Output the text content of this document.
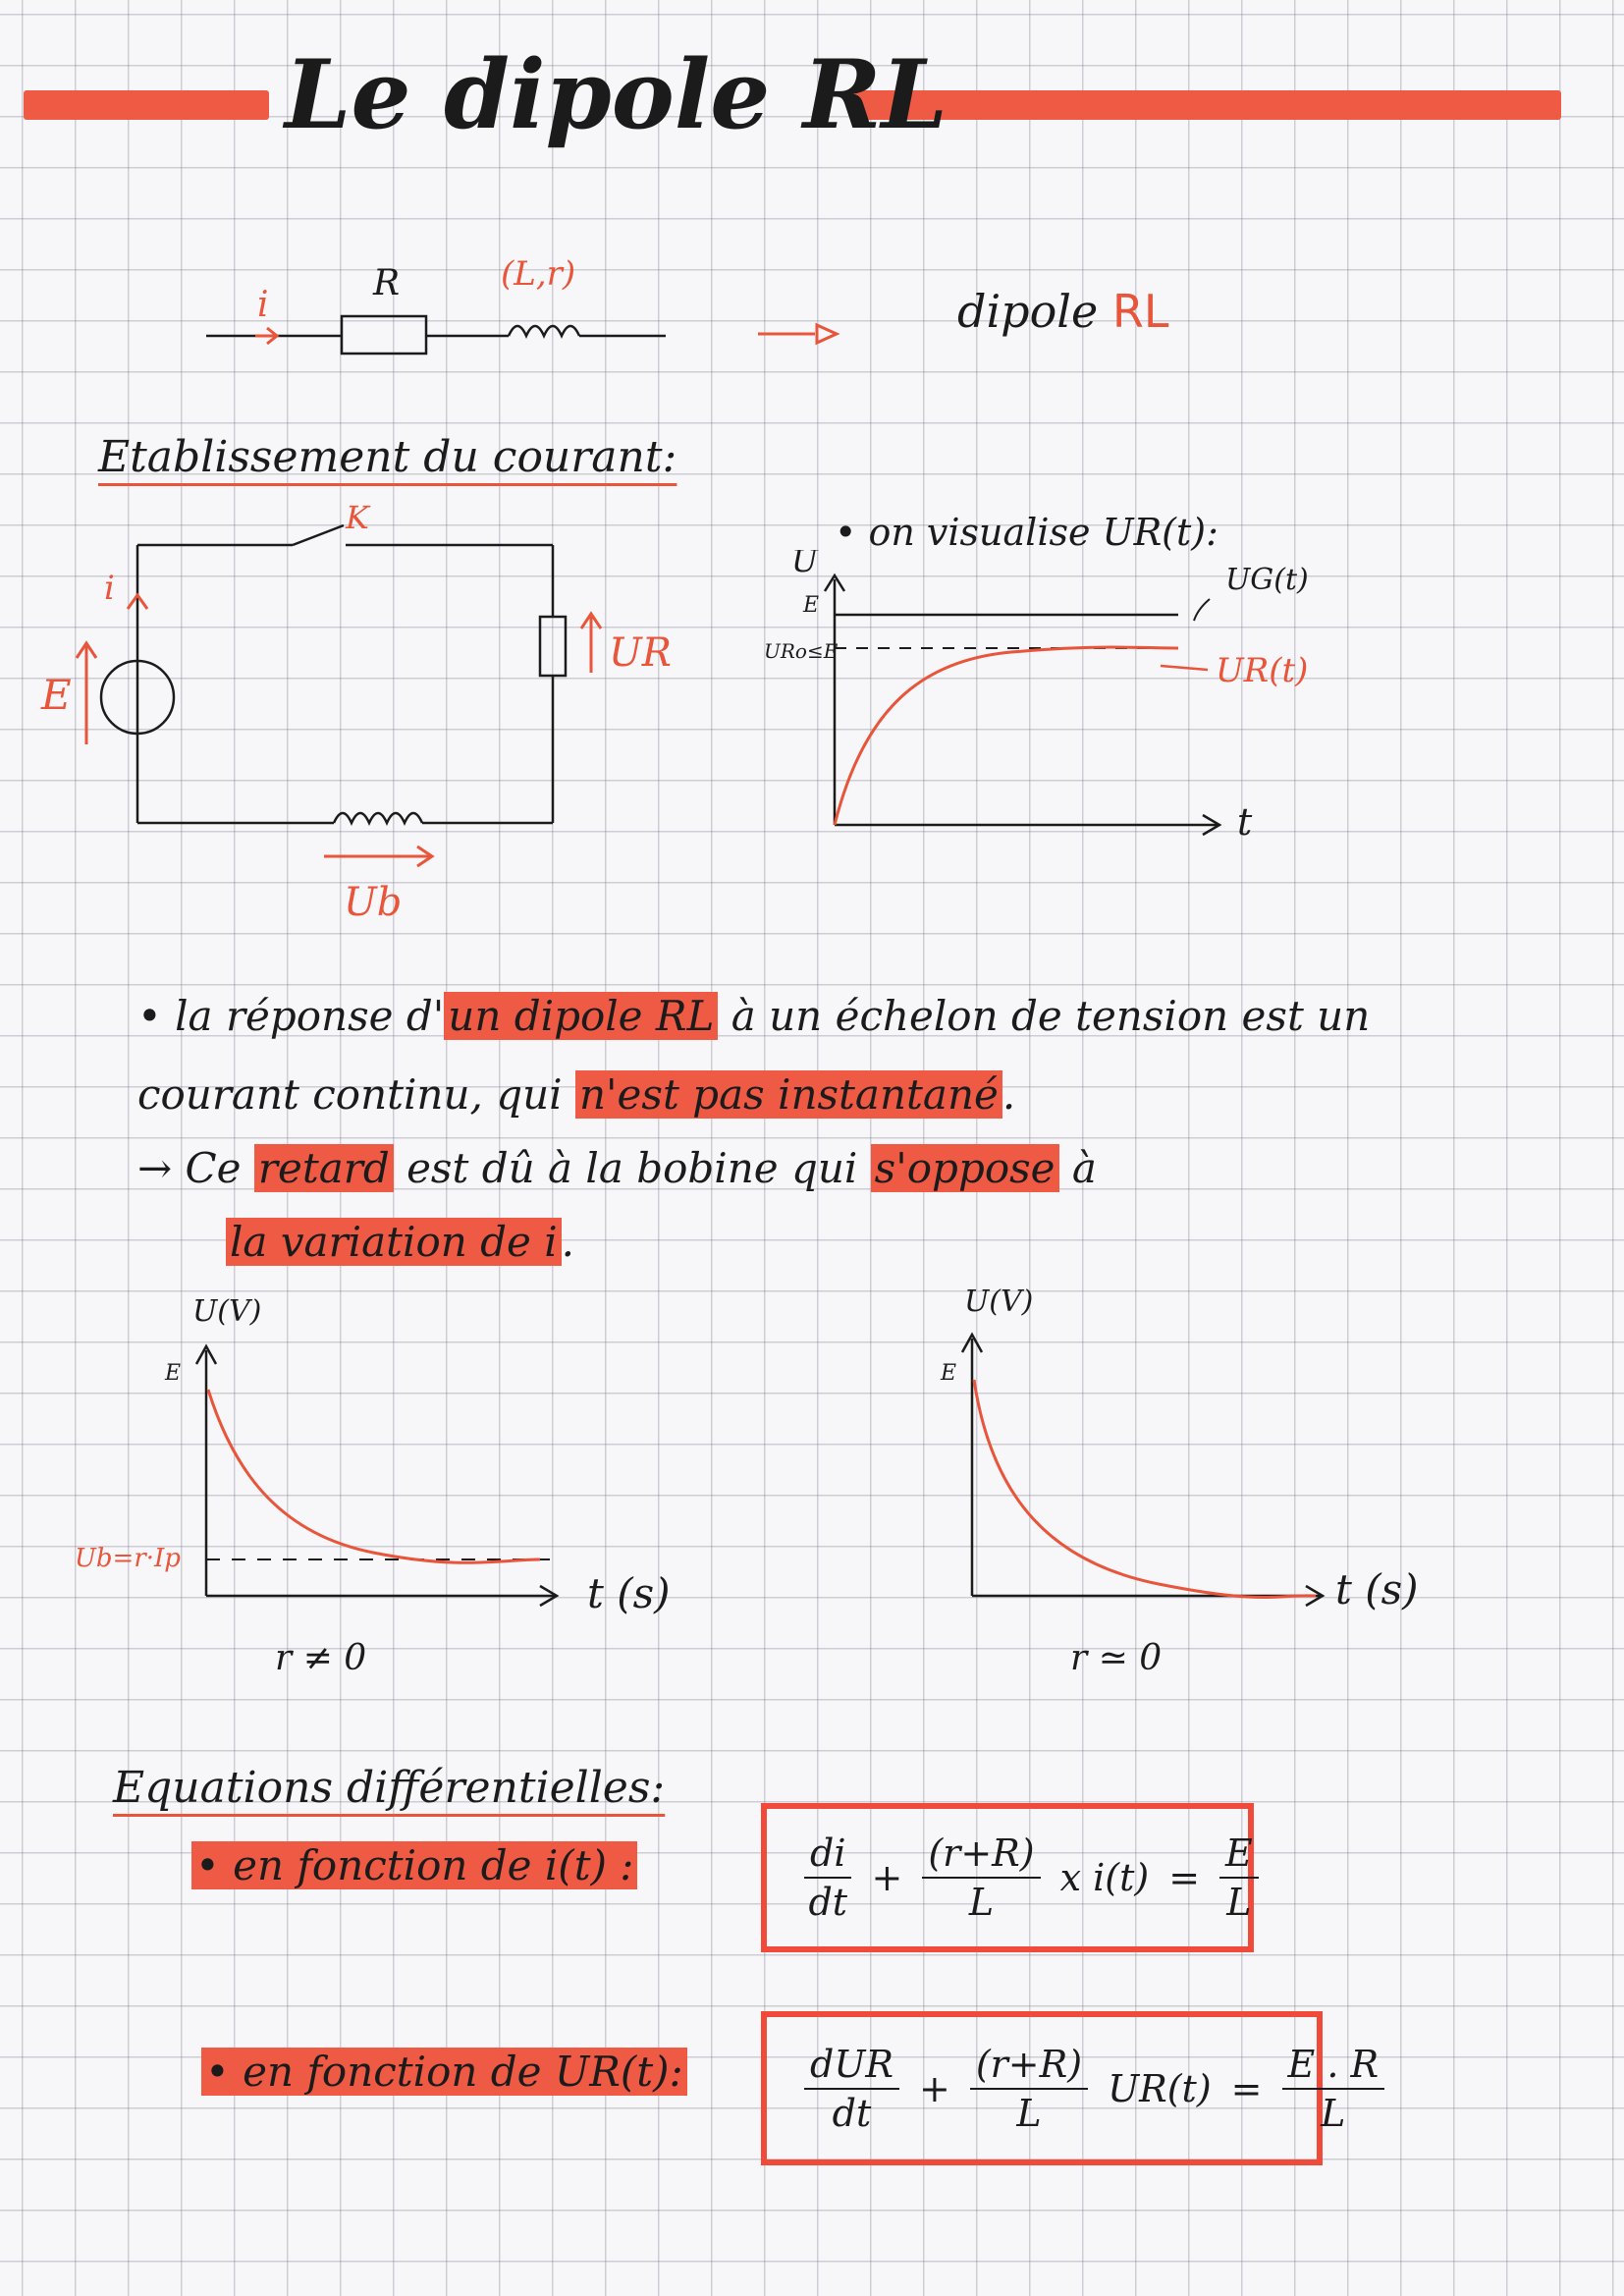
Le dipole RL
i
R	(L,r)
dipole RL
Etablissement du courant:
K
E
i
UR
Ub
• on visualise UR(t):
U
E
URo≤E
t
UG(t)
UR(t)
• la réponse d'un dipole RL à un échelon de tension est un
courant continu, qui n'est pas instantané.
→ Ce retard est dû à la bobine qui s'oppose à
la variation de i.
U(V)
E
Ub=r·Ip
t (s)
r ≠ 0
U(V)
E
t (s)
r ≃ 0
Equations différentielles:
• en fonction de i(t) :	$\frac{di}{dt} + \frac{(r+R)}{L}$ x $i(t) = \frac{E}{L}$
• en fonction de UR(t):	$\frac{\text{dUR}}{dt} + \frac{(r+R)}{L} UR(t) = \frac{E . R}{L}$
